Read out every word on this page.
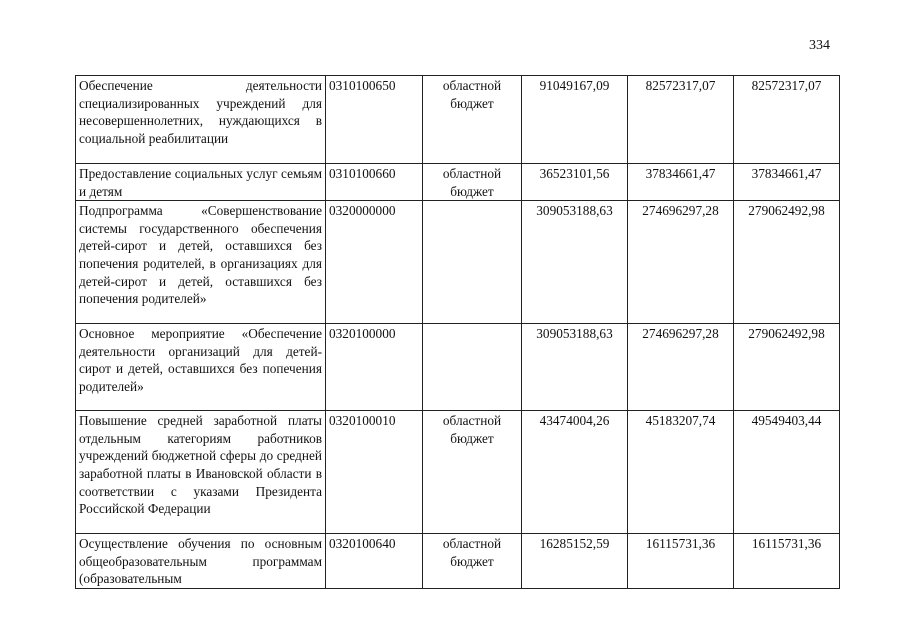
334
Обеспечение деятельности специализированных учреждений для несовершеннолетних, нуждающихся в социальной реабилитации	0310100650	областной бюджет	91049167,09	82572317,07	82572317,07
Предоставление социальных услуг семьям и детям	0310100660	областной бюджет	36523101,56	37834661,47	37834661,47
Подпрограмма «Совершенствование системы государственного обеспечения детей-сирот и детей, оставшихся без попечения родителей, в организациях для детей-сирот и детей, оставшихся без попечения родителей»	0320000000		309053188,63	274696297,28	279062492,98
Основное мероприятие «Обеспечение деятельности организаций для детей-сирот и детей, оставшихся без попечения родителей»	0320100000		309053188,63	274696297,28	279062492,98
Повышение средней заработной платы отдельным категориям работников учреждений бюджетной сферы до средней заработной платы в Ивановской области в соответствии с указами Президента Российской Федерации	0320100010	областной бюджет	43474004,26	45183207,74	49549403,44
Осуществление обучения по основным общеобразовательным программам (образовательным	0320100640	областной бюджет	16285152,59	16115731,36	16115731,36
